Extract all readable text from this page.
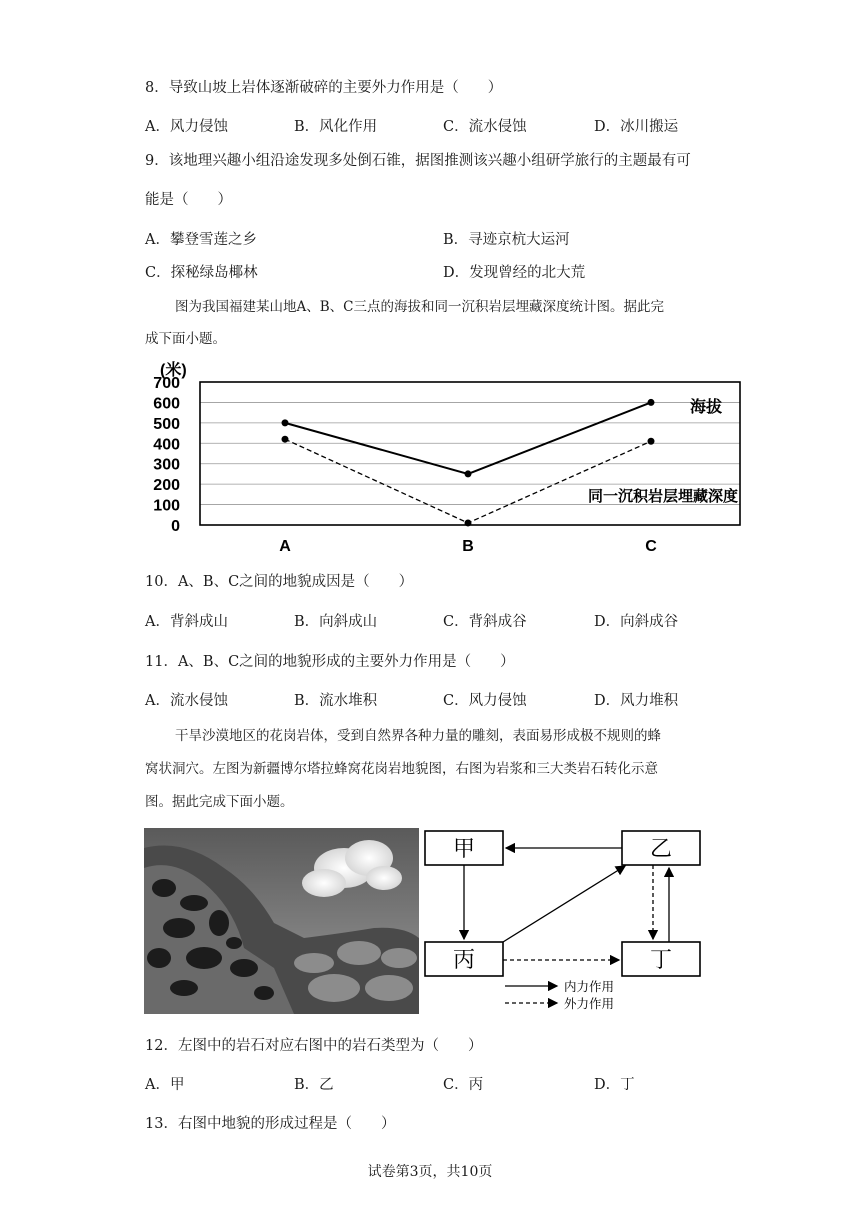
8．导致山坡上岩体逐渐破碎的主要外力作用是（　　）
A．风力侵蚀	B．风化作用	C．流水侵蚀	D．冰川搬运
9．该地理兴趣小组沿途发现多处倒石锥，据图推测该兴趣小组研学旅行的主题最有可
能是（　　）
A．攀登雪莲之乡	B．寻迹京杭大运河
C．探秘绿岛椰林	D．发现曾经的北大荒
图为我国福建某山地A、B、C三点的海拔和同一沉积岩层埋藏深度统计图。据此完
成下面小题。
700
600
500
400
300
200
100
0
(米)
A	B	C
海拔
同一沉积岩层埋藏深度
10．A、B、C之间的地貌成因是（　　）
A．背斜成山	B．向斜成山	C．背斜成谷	D．向斜成谷
11．A、B、C之间的地貌形成的主要外力作用是（　　）
A．流水侵蚀	B．流水堆积	C．风力侵蚀	D．风力堆积
干旱沙漠地区的花岗岩体，受到自然界各种力量的雕刻，表面易形成极不规则的蜂
窝状洞穴。左图为新疆博尔塔拉蜂窝花岗岩地貌图，右图为岩浆和三大类岩石转化示意
图。据此完成下面小题。
甲	乙
丙	丁
内力作用
外力作用
12．左图中的岩石对应右图中的岩石类型为（　　）
A．甲	B．乙	C．丙	D．丁
13．右图中地貌的形成过程是（　　）
试卷第3页，共10页
